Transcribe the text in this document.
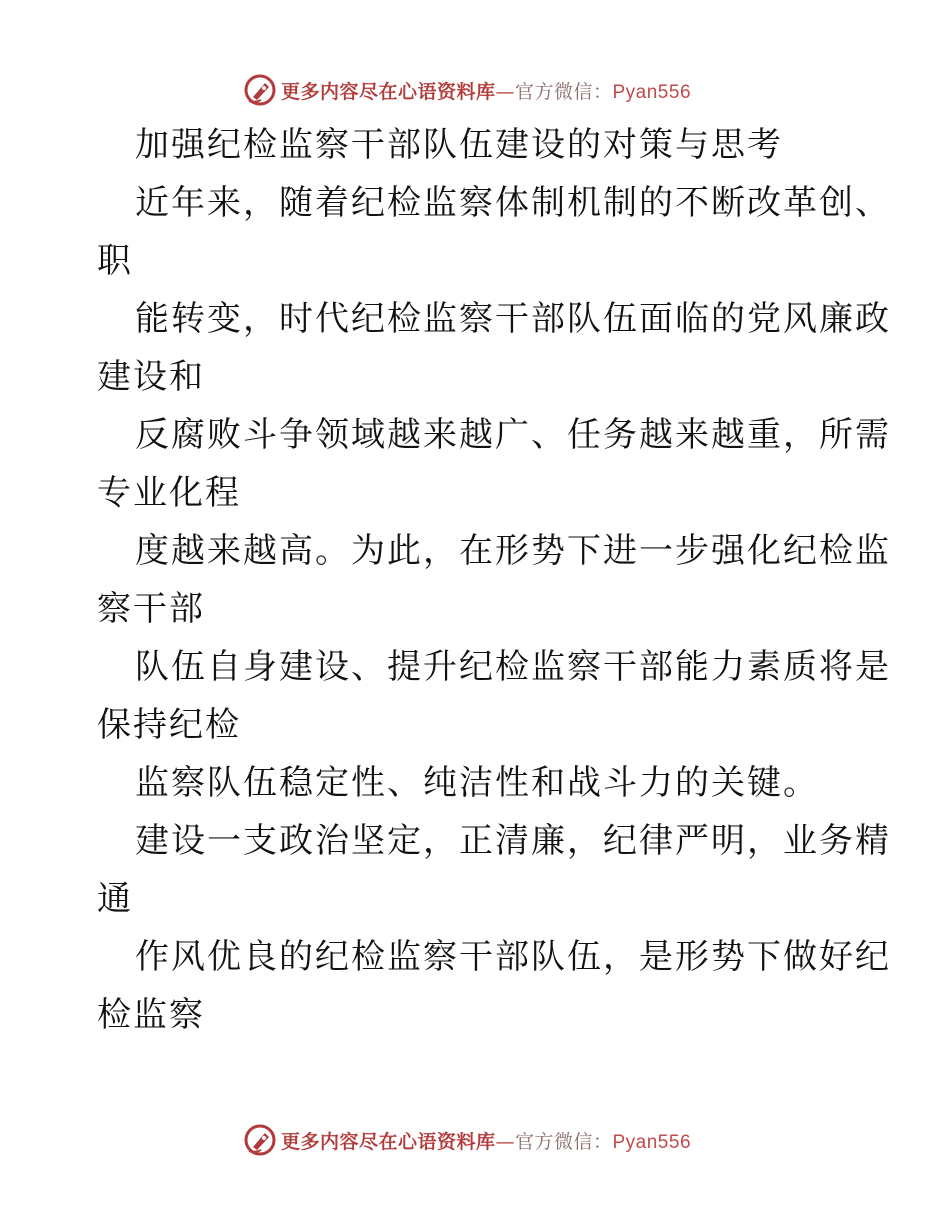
更多内容尽在心语资料库—官方微信：Pyan556
加强纪检监察干部队伍建设的对策与思考
近年来，随着纪检监察体制机制的不断改革创、
职
能转变，时代纪检监察干部队伍面临的党风廉政
建设和
反腐败斗争领域越来越广、任务越来越重，所需
专业化程
度越来越高。为此，在形势下进一步强化纪检监
察干部
队伍自身建设、提升纪检监察干部能力素质将是
保持纪检
监察队伍稳定性、纯洁性和战斗力的关键。
建设一支政治坚定，正清廉，纪律严明，业务精
通
作风优良的纪检监察干部队伍，是形势下做好纪
检监察
更多内容尽在心语资料库—官方微信：Pyan556
